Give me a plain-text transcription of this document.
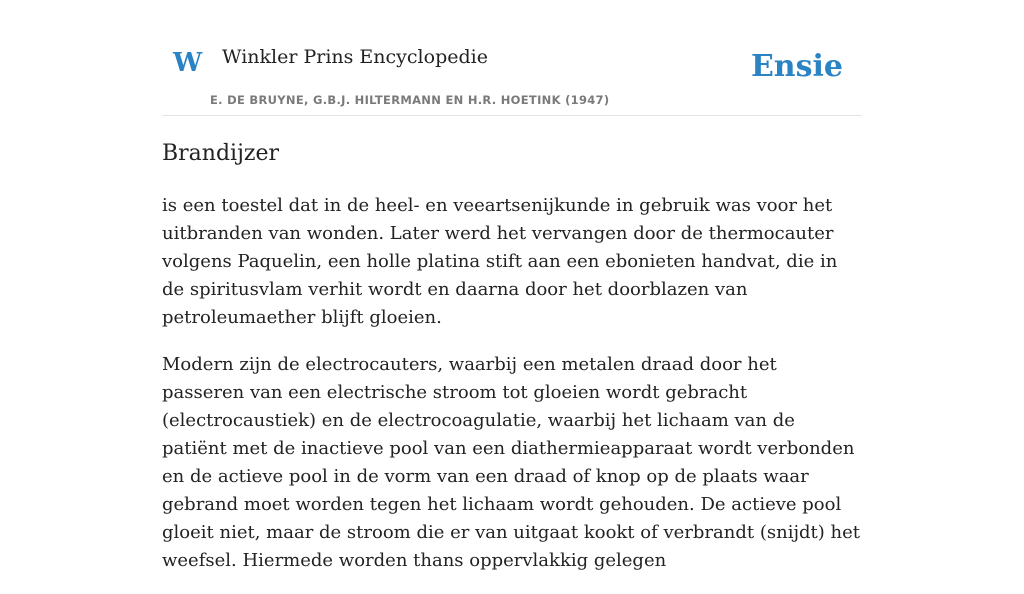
W Winkler Prins Encyclopedie
E. DE BRUYNE, G.B.J. HILTERMANN EN H.R. HOETINK (1947)
Ensie
Brandijzer

is een toestel dat in de heel- en veeartsenijkunde in gebruik was voor het uitbranden van wonden. Later werd het vervangen door de thermocauter volgens Paquelin, een holle platina stift aan een ebonieten handvat, die in de spiritusvlam verhit wordt en daarna door het doorblazen van petroleumaether blijft gloeien.

Modern zijn de electrocauters, waarbij een metalen draad door het passeren van een electrische stroom tot gloeien wordt gebracht (electrocaustiek) en de electrocoagulatie, waarbij het lichaam van de patiënt met de inactieve pool van een diathermieapparaat wordt verbonden en de actieve pool in de vorm van een draad of knop op de plaats waar gebrand moet worden tegen het lichaam wordt gehouden. De actieve pool gloeit niet, maar de stroom die er van uitgaat kookt of verbrandt (snijdt) het weefsel. Hiermede worden thans oppervlakkig gelegen
